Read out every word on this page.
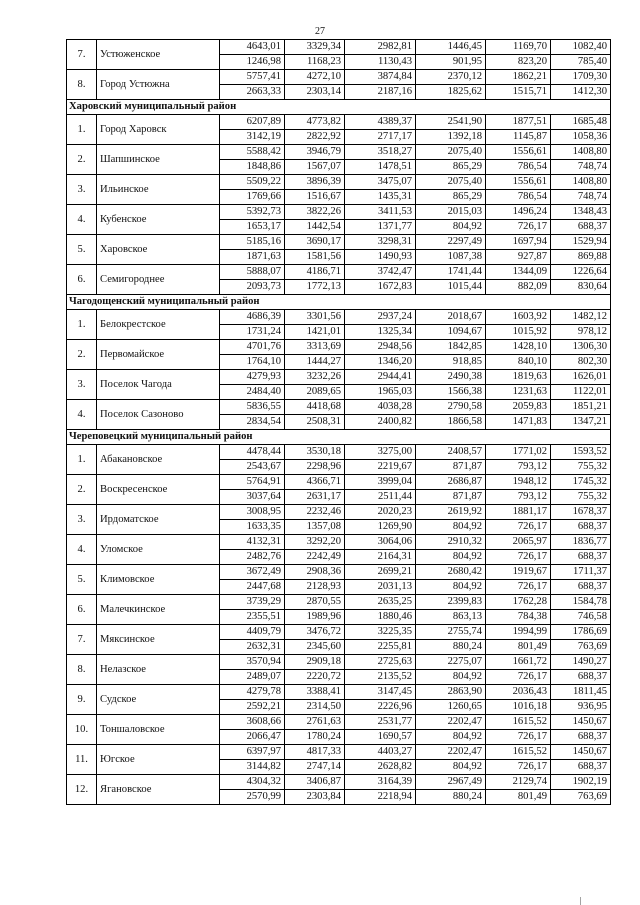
27
7.	Устюженское	4643,01	3329,34	2982,81	1446,45	1169,70	1082,40
		1246,98	1168,23	1130,43	901,95	823,20	785,40
8.	Город Устюжна	5757,41	4272,10	3874,84	2370,12	1862,21	1709,30
		2663,33	2303,14	2187,16	1825,62	1515,71	1412,30
Харовский муниципальный район							
1.	Город Харовск	6207,89	4773,82	4389,37	2541,90	1877,51	1685,48
		3142,19	2822,92	2717,17	1392,18	1145,87	1058,36
2.	Шапшинское	5588,42	3946,79	3518,27	2075,40	1556,61	1408,80
		1848,86	1567,07	1478,51	865,29	786,54	748,74
3.	Ильинское	5509,22	3896,39	3475,07	2075,40	1556,61	1408,80
		1769,66	1516,67	1435,31	865,29	786,54	748,74
4.	Кубенское	5392,73	3822,26	3411,53	2015,03	1496,24	1348,43
		1653,17	1442,54	1371,77	804,92	726,17	688,37
5.	Харовское	5185,16	3690,17	3298,31	2297,49	1697,94	1529,94
		1871,63	1581,56	1490,93	1087,38	927,87	869,88
6.	Семигороднее	5888,07	4186,71	3742,47	1741,44	1344,09	1226,64
		2093,73	1772,13	1672,83	1015,44	882,09	830,64
Чагодощенский муниципальный район							
1.	Белокрестское	4686,39	3301,56	2937,24	2018,67	1603,92	1482,12
		1731,24	1421,01	1325,34	1094,67	1015,92	978,12
2.	Первомайское	4701,76	3313,69	2948,56	1842,85	1428,10	1306,30
		1764,10	1444,27	1346,20	918,85	840,10	802,30
3.	Поселок Чагода	4279,93	3232,26	2944,41	2490,38	1819,63	1626,01
		2484,40	2089,65	1965,03	1566,38	1231,63	1122,01
4.	Поселок Сазоново	5836,55	4418,68	4038,28	2790,58	2059,83	1851,21
		2834,54	2508,31	2400,82	1866,58	1471,83	1347,21
Череповецкий муниципальный район							
1.	Абакановское	4478,44	3530,18	3275,00	2408,57	1771,02	1593,52
		2543,67	2298,96	2219,67	871,87	793,12	755,32
2.	Воскресенское	5764,91	4366,71	3999,04	2686,87	1948,12	1745,32
		3037,64	2631,17	2511,44	871,87	793,12	755,32
3.	Ирдоматское	3008,95	2232,46	2020,23	2619,92	1881,17	1678,37
		1633,35	1357,08	1269,90	804,92	726,17	688,37
4.	Уломское	4132,31	3292,20	3064,06	2910,32	2065,97	1836,77
		2482,76	2242,49	2164,31	804,92	726,17	688,37
5.	Климовское	3672,49	2908,36	2699,21	2680,42	1919,67	1711,37
		2447,68	2128,93	2031,13	804,92	726,17	688,37
6.	Малечкинское	3739,29	2870,55	2635,25	2399,83	1762,28	1584,78
		2355,51	1989,96	1880,46	863,13	784,38	746,58
7.	Мяксинское	4409,79	3476,72	3225,35	2755,74	1994,99	1786,69
		2632,31	2345,60	2255,81	880,24	801,49	763,69
8.	Нелазское	3570,94	2909,18	2725,63	2275,07	1661,72	1490,27
		2489,07	2220,72	2135,52	804,92	726,17	688,37
9.	Судское	4279,78	3388,41	3147,45	2863,90	2036,43	1811,45
		2592,21	2314,50	2226,96	1260,65	1016,18	936,95
10.	Тоншаловское	3608,66	2761,63	2531,77	2202,47	1615,52	1450,67
		2066,47	1780,24	1690,57	804,92	726,17	688,37
11.	Югское	6397,97	4817,33	4403,27	2202,47	1615,52	1450,67
		3144,82	2747,14	2628,82	804,92	726,17	688,37
12.	Ягановское	4304,32	3406,87	3164,39	2967,49	2129,74	1902,19
		2570,99	2303,84	2218,94	880,24	801,49	763,69
|
